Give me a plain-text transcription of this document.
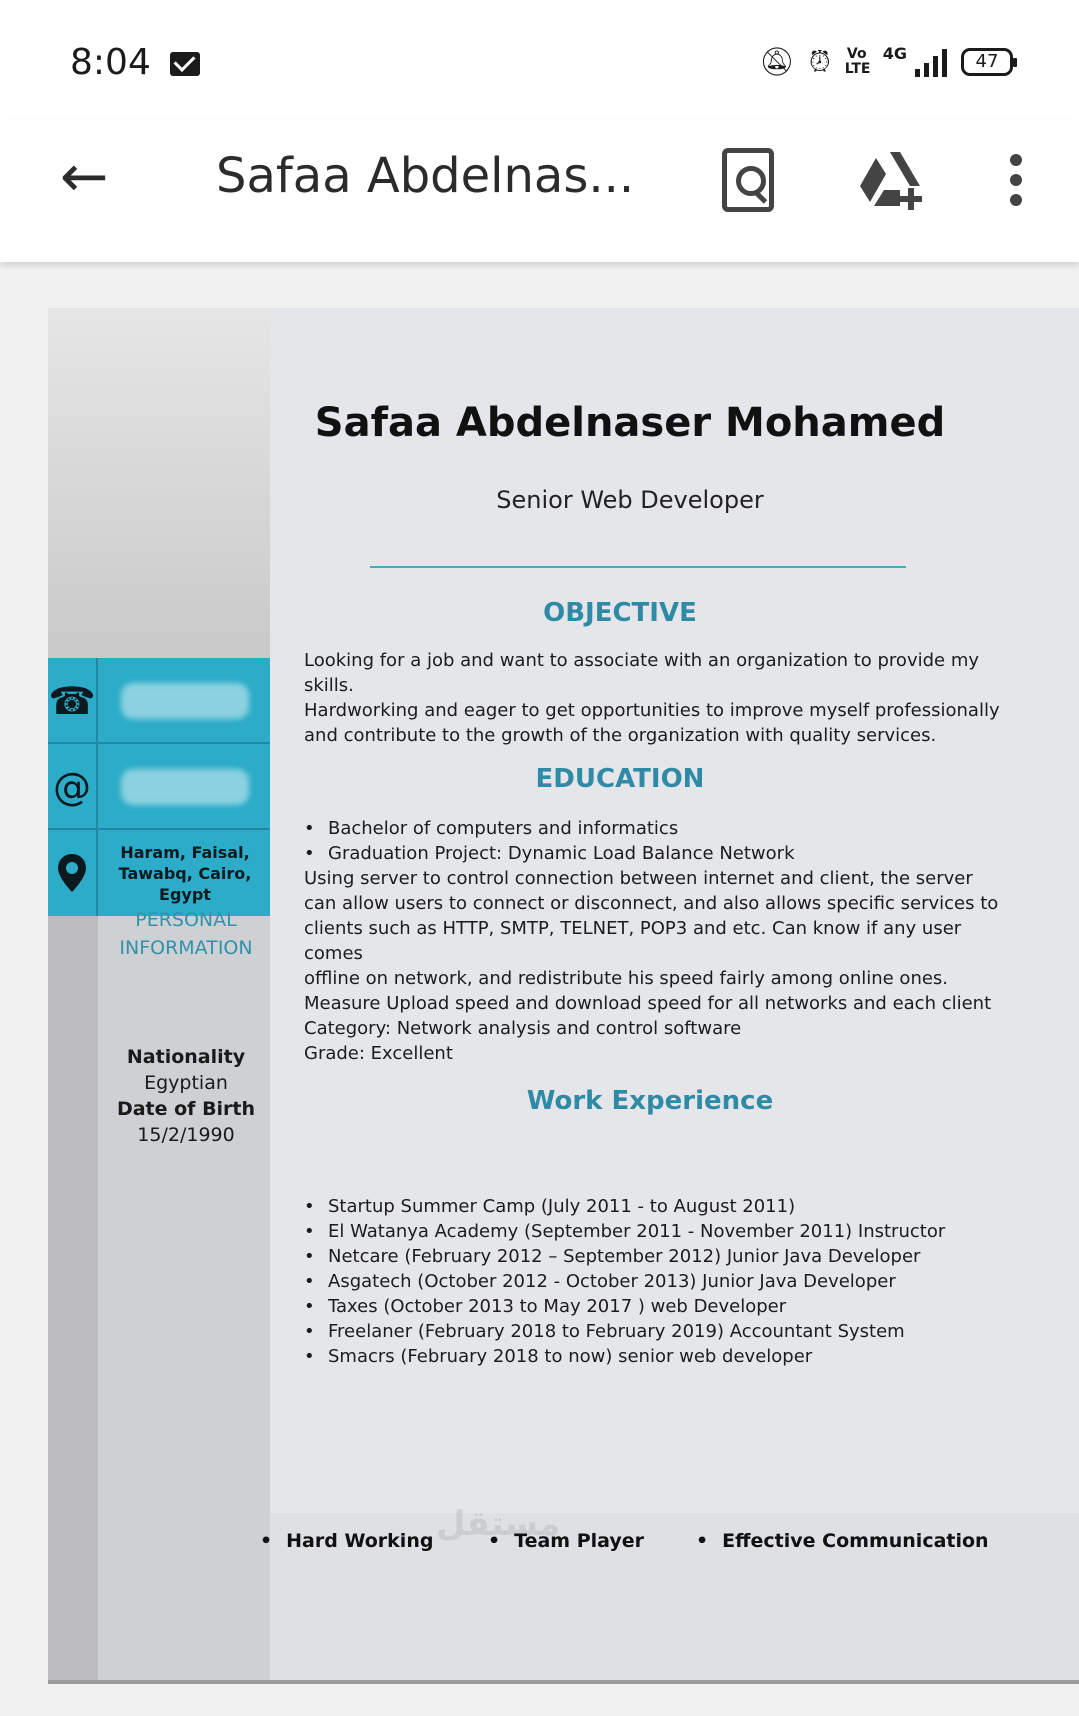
8:04	🔕︎ ⏰︎ Vo LTE
4G	47
← Safaa Abdelnas...
☎︎
@
Haram, Faisal, Tawabq, Cairo, Egypt
PERSONAL
INFORMATION
Nationality
Egyptian
Date of Birth
15/2/1990
Safaa Abdelnaser Mohamed
Senior Web Developer
OBJECTIVE
Looking for a job and want to associate with an organization to provide my skills.
Hardworking and eager to get opportunities to improve myself professionally
and contribute to the growth of the organization with quality services.
EDUCATION
• Bachelor of computers and informatics
• Graduation Project: Dynamic Load Balance Network
Using server to control connection between internet and client, the server
can allow users to connect or disconnect, and also allows specific services to
clients such as HTTP, SMTP, TELNET, POP3 and etc. Can know if any user comes
offline on network, and redistribute his speed fairly among online ones.
Measure Upload speed and download speed for all networks and each client
Category: Network analysis and control software
Grade: Excellent
Work Experience
• Startup Summer Camp (July 2011 - to August 2011)
• El Watanya Academy (September 2011 - November 2011) Instructor
• Netcare (February 2012 – September 2012) Junior Java Developer
• Asgatech (October 2012 - October 2013) Junior Java Developer
• Taxes (October 2013 to May 2017 ) web Developer
• Freelaner (February 2018 to February 2019) Accountant System
• Smacrs (February 2018 to now) senior web developer
مستقل
• Hard Working	• Team Player	• Effective Communication
